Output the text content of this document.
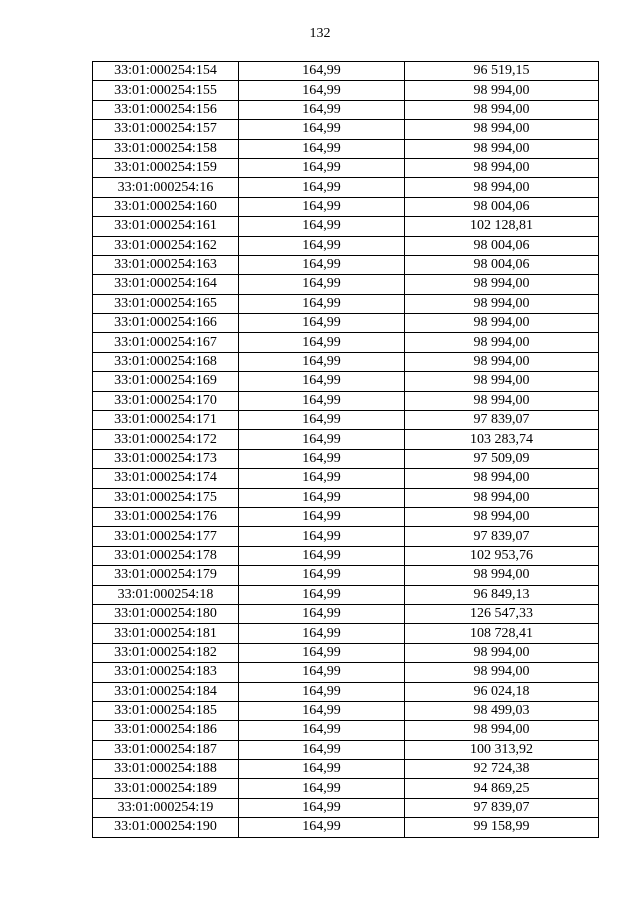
132
33:01:000254:154	164,99	96 519,15
33:01:000254:155	164,99	98 994,00
33:01:000254:156	164,99	98 994,00
33:01:000254:157	164,99	98 994,00
33:01:000254:158	164,99	98 994,00
33:01:000254:159	164,99	98 994,00
33:01:000254:16	164,99	98 994,00
33:01:000254:160	164,99	98 004,06
33:01:000254:161	164,99	102 128,81
33:01:000254:162	164,99	98 004,06
33:01:000254:163	164,99	98 004,06
33:01:000254:164	164,99	98 994,00
33:01:000254:165	164,99	98 994,00
33:01:000254:166	164,99	98 994,00
33:01:000254:167	164,99	98 994,00
33:01:000254:168	164,99	98 994,00
33:01:000254:169	164,99	98 994,00
33:01:000254:170	164,99	98 994,00
33:01:000254:171	164,99	97 839,07
33:01:000254:172	164,99	103 283,74
33:01:000254:173	164,99	97 509,09
33:01:000254:174	164,99	98 994,00
33:01:000254:175	164,99	98 994,00
33:01:000254:176	164,99	98 994,00
33:01:000254:177	164,99	97 839,07
33:01:000254:178	164,99	102 953,76
33:01:000254:179	164,99	98 994,00
33:01:000254:18	164,99	96 849,13
33:01:000254:180	164,99	126 547,33
33:01:000254:181	164,99	108 728,41
33:01:000254:182	164,99	98 994,00
33:01:000254:183	164,99	98 994,00
33:01:000254:184	164,99	96 024,18
33:01:000254:185	164,99	98 499,03
33:01:000254:186	164,99	98 994,00
33:01:000254:187	164,99	100 313,92
33:01:000254:188	164,99	92 724,38
33:01:000254:189	164,99	94 869,25
33:01:000254:19	164,99	97 839,07
33:01:000254:190	164,99	99 158,99
